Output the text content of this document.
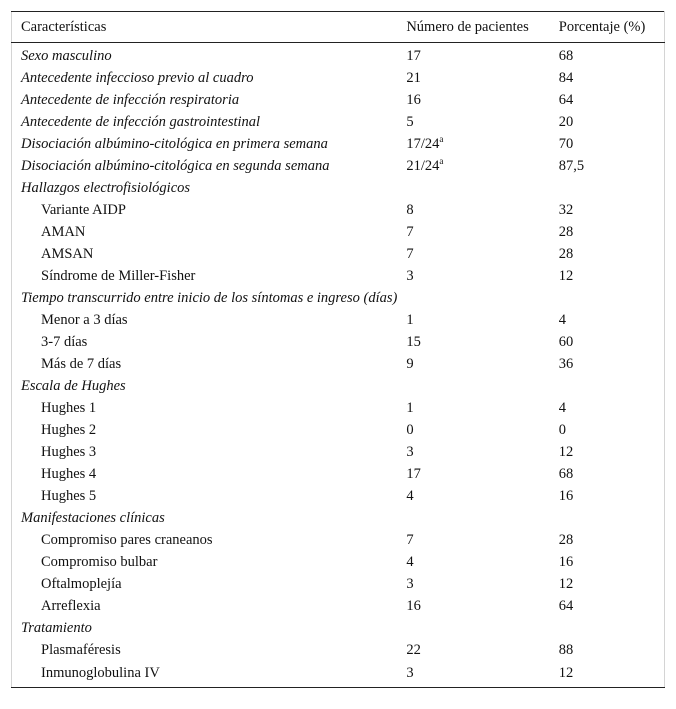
Características	Número de pacientes	Porcentaje (%)
Sexo masculino	17	68
Antecedente infeccioso previo al cuadro	21	84
Antecedente de infección respiratoria	16	64
Antecedente de infección gastrointestinal	5	20
Disociación albúmino-citológica en primera semana	17/24$^a$	70
Disociación albúmino-citológica en segunda semana	21/24$^a$	87,5
Hallazgos electrofisiológicos		
Variante AIDP	8	32
AMAN	7	28
AMSAN	7	28
Síndrome de Miller-Fisher	3	12
Tiempo transcurrido entre inicio de los síntomas e ingreso (días)		
Menor a 3 días	1	4
3-7 días	15	60
Más de 7 días	9	36
Escala de Hughes		
Hughes 1	1	4
Hughes 2	0	0
Hughes 3	3	12
Hughes 4	17	68
Hughes 5	4	16
Manifestaciones clínicas		
Compromiso pares craneanos	7	28
Compromiso bulbar	4	16
Oftalmoplejía	3	12
Arreflexia	16	64
Tratamiento		
Plasmaféresis	22	88
Inmunoglobulina IV	3	12
